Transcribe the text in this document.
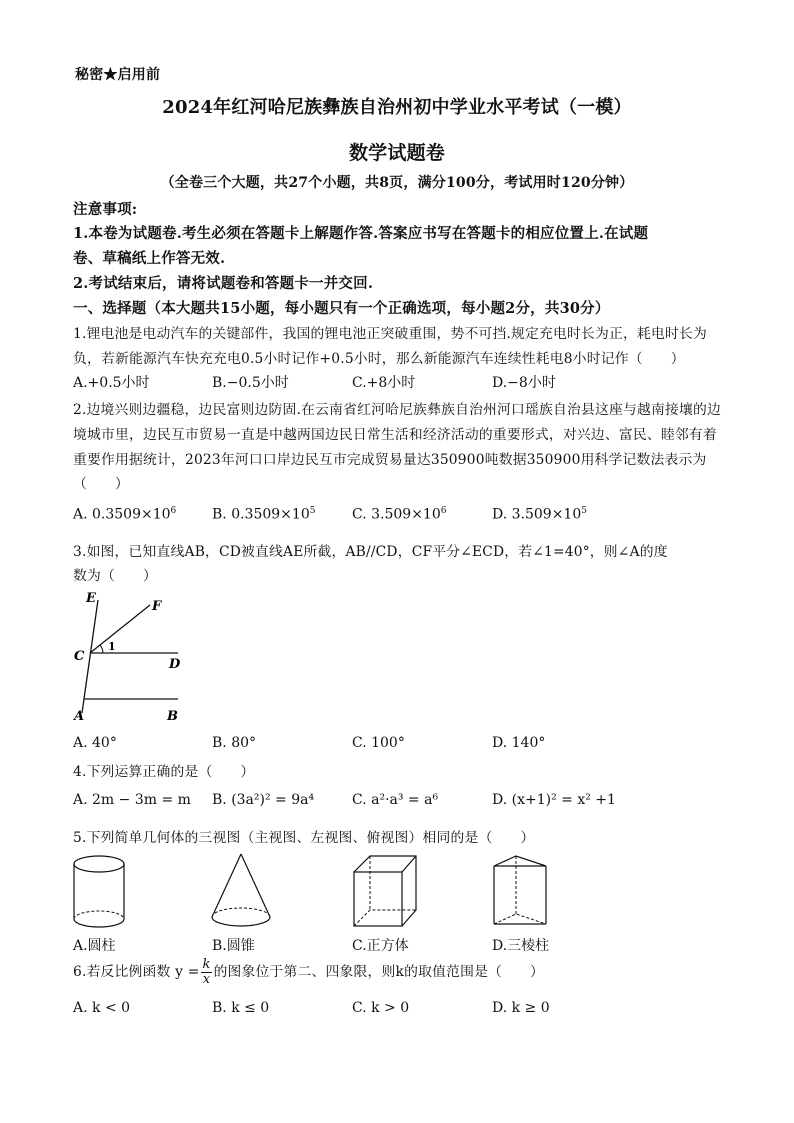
秘密★启用前
2024年红河哈尼族彝族自治州初中学业水平考试（一模）
数学试题卷
（全卷三个大题，共27个小题，共8页，满分100分，考试用时120分钟）
注意事项:
1.本卷为试题卷.考生必须在答题卡上解题作答.答案应书写在答题卡的相应位置上.在试题
卷、草稿纸上作答无效.
2.考试结束后，请将试题卷和答题卡一并交回.
一、选择题（本大题共15小题，每小题只有一个正确选项，每小题2分，共30分）
1.锂电池是电动汽车的关键部件，我国的锂电池正突破重围，势不可挡.规定充电时长为正，耗电时长为
负，若新能源汽车快充充电0.5小时记作+0.5小时，那么新能源汽车连续性耗电8小时记作（　　）
A.+0.5小时	B.−0.5小时	C.+8小时	D.−8小时
2.边境兴则边疆稳，边民富则边防固.在云南省红河哈尼族彝族自治州河口瑶族自治县这座与越南接壤的边
境城市里，边民互市贸易一直是中越两国边民日常生活和经济活动的重要形式，对兴边、富民、睦邻有着
重要作用据统计，2023年河口口岸边民互市完成贸易量达350900吨数据350900用科学记数法表示为
（　　）
A. $0.3509\times 10^6$	B. $0.3509\times 10^5$	C. $3.509\times 10^6$	D. $3.509\times 10^5$
3.如图，已知直线AB，CD被直线AE所截，AB//CD，CF平分∠ECD，若∠1=40°，则∠A的度
数为（　　）
E
F
C
D
1
A	B
A. 40°	B. 80°	C. 100°	D. 140°
4.下列运算正确的是（　　）
A. 2m − 3m = m B. (3a²)² = 9a⁴	C. a²·a³ = a⁶	D. (x+1)² = x² +1
5.下列简单几何体的三视图（主视图、左视图、俯视图）相同的是（　　）
A.圆柱	B.圆锥	C.正方体	D.三棱柱
6.若反比例函数 $y = \frac{k}{x}$ 的图象位于第二、四象限，则k的取值范围是（　　）
A. k < 0	B. k ≤ 0	C. k > 0	D. k ≥ 0
